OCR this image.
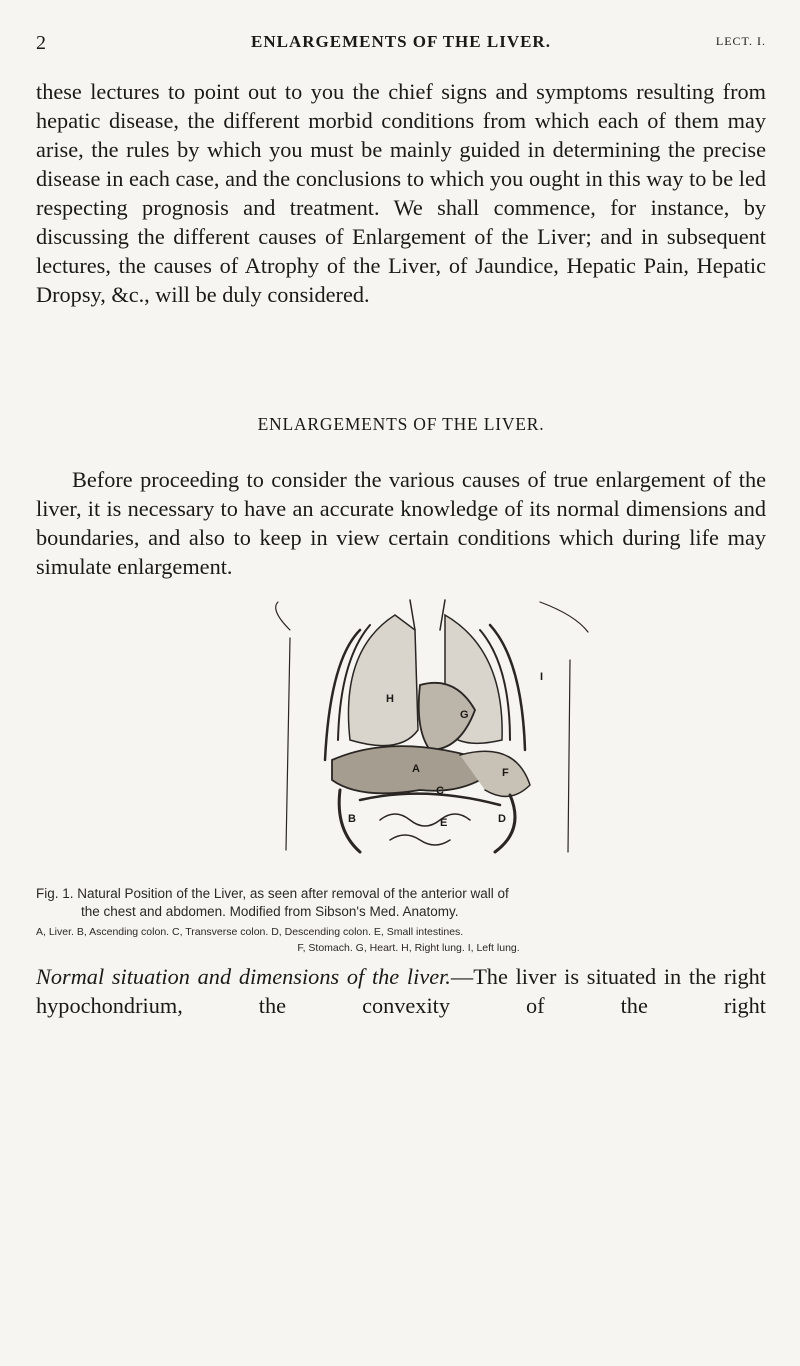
2	ENLARGEMENTS OF THE LIVER.	LECT. I.

these lectures to point out to you the chief signs and symptoms resulting from hepatic disease, the different morbid conditions from which each of them may arise, the rules by which you must be mainly guided in determining the precise disease in each case, and the conclusions to which you ought in this way to be led respecting prognosis and treatment. We shall commence, for instance, by discussing the different causes of Enlargement of the Liver; and in subsequent lectures, the causes of Atrophy of the Liver, of Jaundice, Hepatic Pain, Hepatic Dropsy, &c., will be duly considered.

ENLARGEMENTS OF THE LIVER.

Before proceeding to consider the various causes of true enlargement of the liver, it is necessary to have an accurate knowledge of its normal dimensions and boundaries, and also to keep in view certain conditions which during life may simulate enlargement.

H
G
A	F
C
B	E	D
I
Fig. 1. Natural Position of the Liver, as seen after removal of the anterior wall of
the chest and abdomen. Modified from Sibson's Med. Anatomy.
A, Liver. B, Ascending colon. C, Transverse colon. D, Descending colon. E, Small intestines.
F, Stomach. G, Heart. H, Right lung. I, Left lung.

Normal situation and dimensions of the liver.—The liver is situated in the right hypochondrium, the convexity of the right
